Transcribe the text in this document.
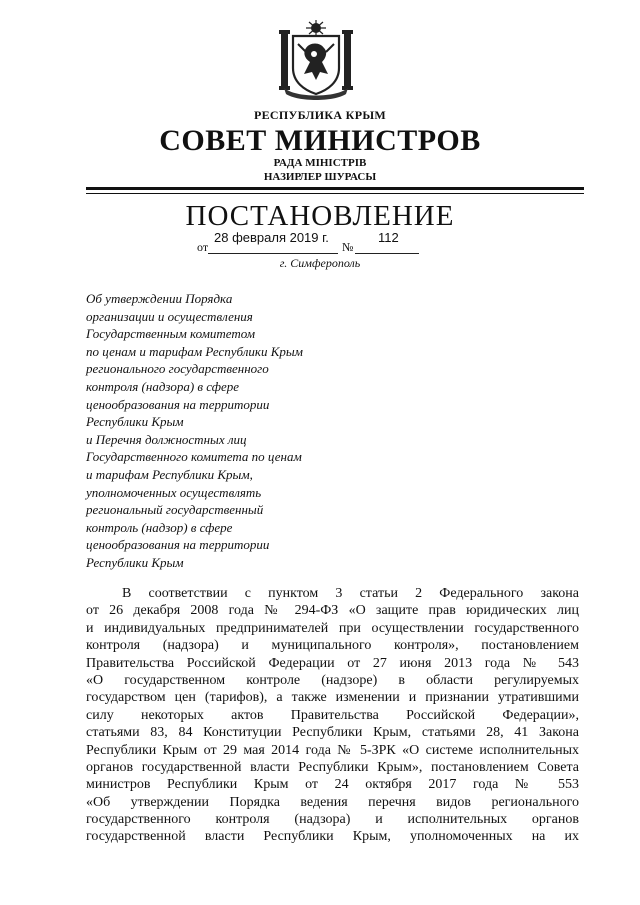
РЕСПУБЛИКА КРЫМ
СОВЕТ МИНИСТРОВ
РАДА МІНІСТРІВ
НАЗИРЛЕР ШУРАСЫ
ПОСТАНОВЛЕНИЕ
от
28 февраля 2019 г.
№
112
г. Симферополь
Об утверждении Порядка
организации и осуществления
Государственным комитетом
по ценам и тарифам Республики Крым
регионального государственного
контроля (надзора) в сфере
ценообразования на территории
Республики Крым
и Перечня должностных лиц
Государственного комитета по ценам
и тарифам Республики Крым,
уполномоченных осуществлять
региональный государственный
контроль (надзор) в сфере
ценообразования на территории
Республики Крым
В соответствии с пунктом 3 статьи 2 Федерального закона
от 26 декабря 2008 года № 294-ФЗ «О защите прав юридических лиц
и индивидуальных предпринимателей при осуществлении государственного
контроля (надзора) и муниципального контроля», постановлением
Правительства Российской Федерации от 27 июня 2013 года № 543
«О государственном контроле (надзоре) в области регулируемых
государством цен (тарифов), а также изменении и признании утратившими
силу некоторых актов Правительства Российской Федерации»,
статьями 83, 84 Конституции Республики Крым, статьями 28, 41 Закона
Республики Крым от 29 мая 2014 года № 5-ЗРК «О системе исполнительных
органов государственной власти Республики Крым», постановлением Совета
министров Республики Крым от 24 октября 2017 года № 553
«Об утверждении Порядка ведения перечня видов регионального
государственного контроля (надзора) и исполнительных органов
государственной власти Республики Крым, уполномоченных на их
